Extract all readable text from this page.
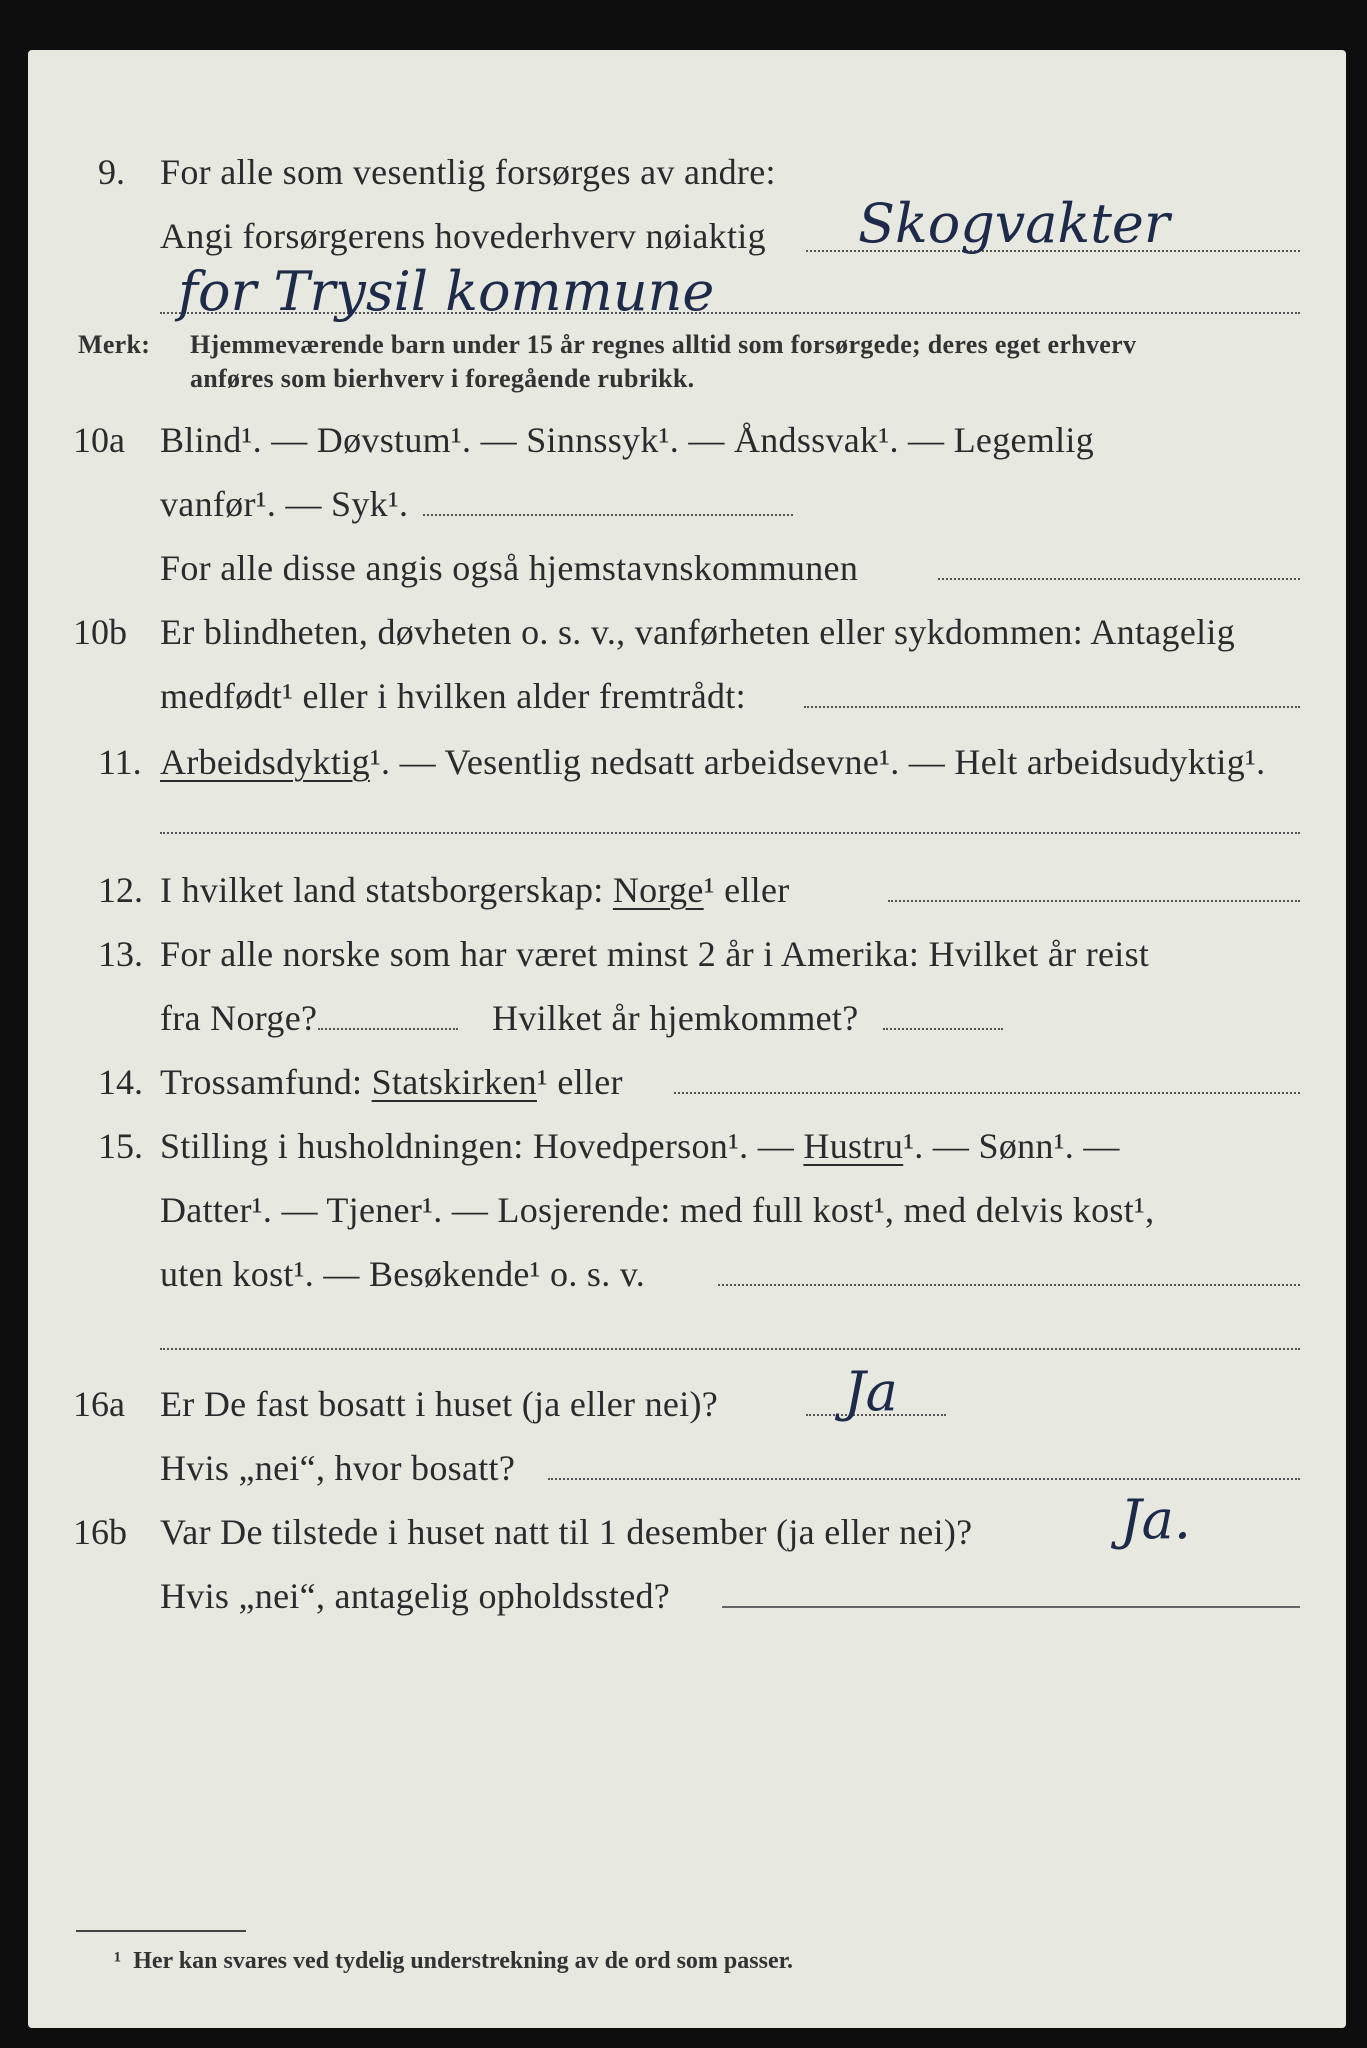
9. For alle som vesentlig forsørges av andre:
Angi forsørgerens hovederhverv nøiaktig Skogvakter
for Trysil kommune
Merk: Hjemmeværende barn under 15 år regnes alltid som forsørgede; deres eget erhverv
anføres som bierhverv i foregående rubrikk.
10a Blind¹. — Døvstum¹. — Sinnssyk¹. — Åndssvak¹. — Legemlig
vanfør¹. — Syk¹.
For alle disse angis også hjemstavnskommunen
10b Er blindheten, døvheten o. s. v., vanførheten eller sykdommen: Antagelig
medfødt¹ eller i hvilken alder fremtrådt:
11. Arbeidsdyktig¹. — Vesentlig nedsatt arbeidsevne¹. — Helt arbeidsudyktig¹.
12. I hvilket land statsborgerskap: Norge¹ eller
13. For alle norske som har været minst 2 år i Amerika: Hvilket år reist
fra Norge?	Hvilket år hjemkommet?
14. Trossamfund: Statskirken¹ eller
15. Stilling i husholdningen: Hovedperson¹. — Hustru¹. — Sønn¹. —
Datter¹. — Tjener¹. — Losjerende: med full kost¹, med delvis kost¹,
uten kost¹. — Besøkende¹ o. s. v.
16a Er De fast bosatt i huset (ja eller nei)? Ja
Hvis „nei“, hvor bosatt?
16b Var De tilstede i huset natt til 1 desember (ja eller nei)?	Ja.
Hvis „nei“, antagelig opholdssted?
¹ Her kan svares ved tydelig understrekning av de ord som passer.
